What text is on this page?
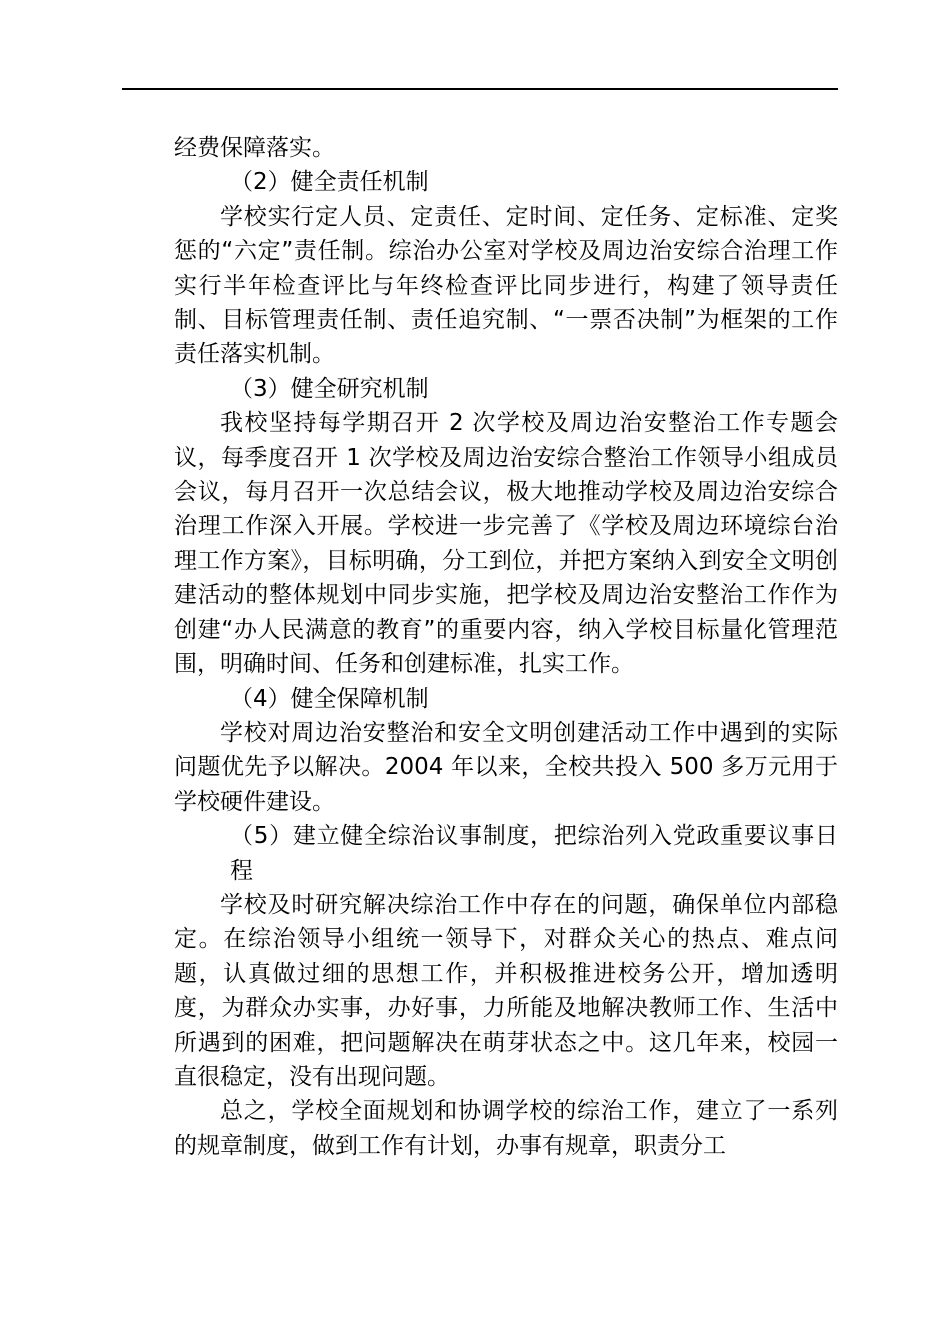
经费保障落实。

（2）健全责任机制

学校实行定人员、定责任、定时间、定任务、定标准、定奖惩的“六定”责任制。综治办公室对学校及周边治安综合治理工作实行半年检查评比与年终检查评比同步进行，构建了领导责任制、目标管理责任制、责任追究制、“一票否决制”为框架的工作责任落实机制。

（3）健全研究机制

我校坚持每学期召开 2 次学校及周边治安整治工作专题会议，每季度召开 1 次学校及周边治安综合整治工作领导小组成员会议，每月召开一次总结会议，极大地推动学校及周边治安综合治理工作深入开展。学校进一步完善了《学校及周边环境综台治理工作方案》，目标明确，分工到位，并把方案纳入到安全文明创建活动的整体规划中同步实施，把学校及周边治安整治工作作为创建“办人民满意的教育”的重要内容，纳入学校目标量化管理范围，明确时间、任务和创建标准，扎实工作。

（4）健全保障机制

学校对周边治安整治和安全文明创建活动工作中遇到的实际问题优先予以解决。2004 年以来，全校共投入 500 多万元用于学校硬件建设。

（5）建立健全综治议事制度，把综治列入党政重要议事日程

学校及时研究解决综治工作中存在的问题，确保单位内部稳定。在综治领导小组统一领导下，对群众关心的热点、难点问题，认真做过细的思想工作，并积极推进校务公开，增加透明度，为群众办实事，办好事，力所能及地解决教师工作、生活中所遇到的困难，把问题解决在萌芽状态之中。这几年来，校园一直很稳定，没有出现问题。

总之，学校全面规划和协调学校的综治工作，建立了一系列的规章制度，做到工作有计划，办事有规章，职责分工
